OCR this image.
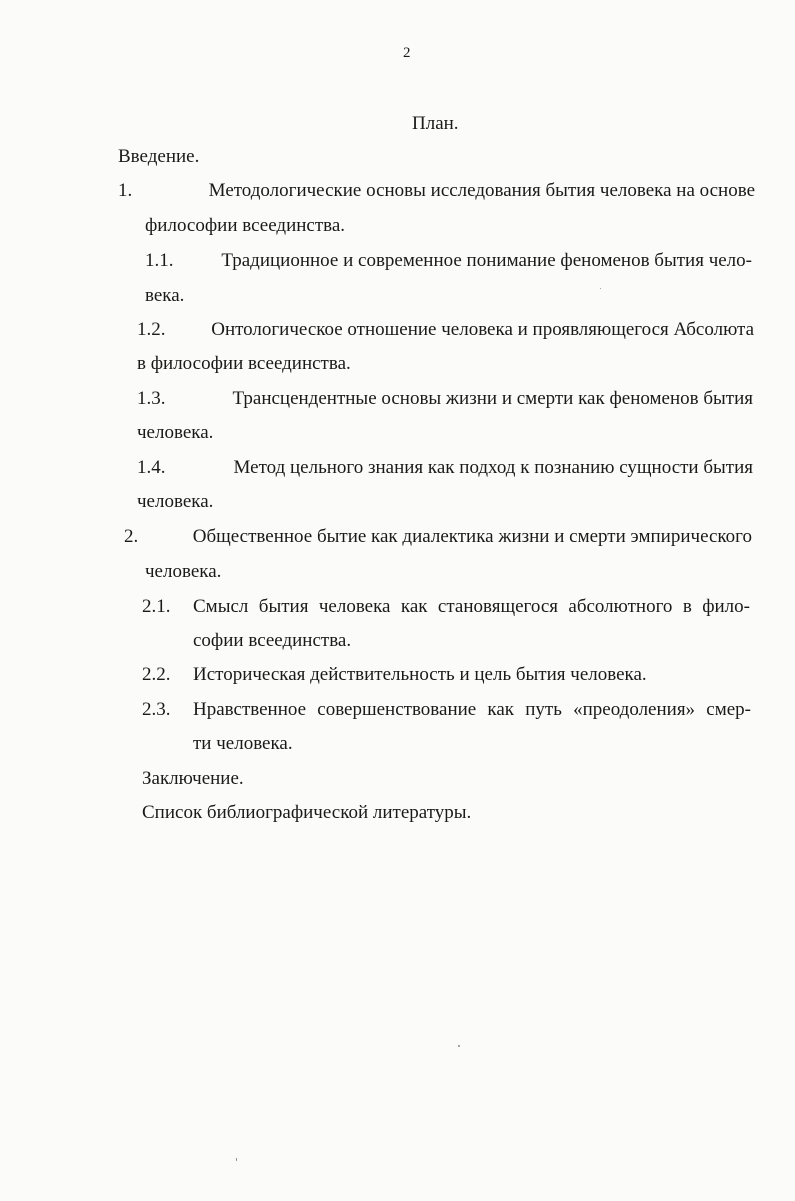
2
План.
Введение.
1.	Методологические основы исследования бытия человека на основе
философии всеединства.
1.1.	Традиционное и современное понимание феноменов бытия чело-
века.
1.2. Онтологическое отношение человека и проявляющегося Абсолюта
в философии всеединства.
1.3.	Трансцендентные основы жизни и смерти как феноменов бытия
человека.
1.4.	Метод цельного знания как подход к познанию сущности бытия
человека.
2.	Общественное бытие как диалектика жизни и смерти эмпирического
человека.
2.1. Смысл бытия человека как становящегося абсолютного в фило-
софии всеединства.
2.2. Историческая действительность и цель бытия человека.
2.3. Нравственное совершенствование как путь «преодоления» смер-
ти человека.
Заключение.
Список библиографической литературы.
